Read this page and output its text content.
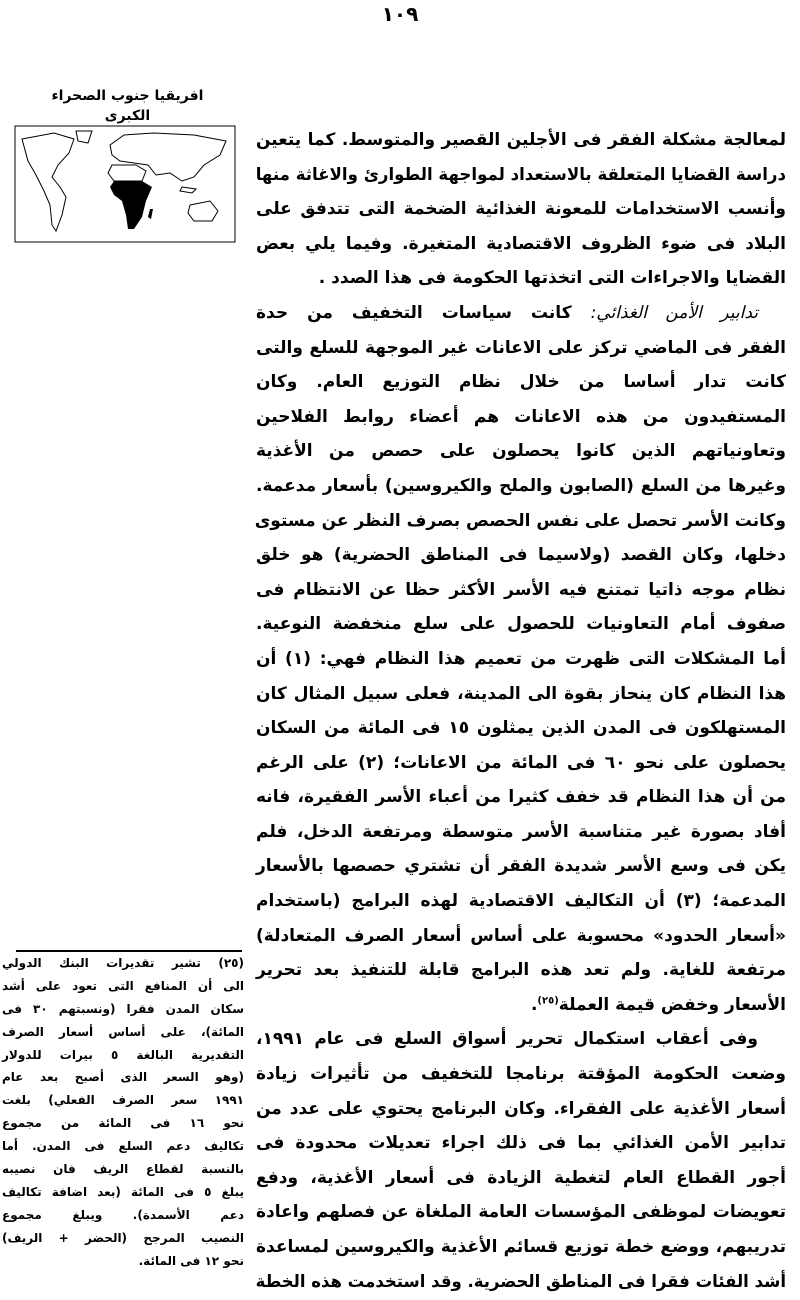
١٠٩
افريقيا جنوب الصحراء
الكبرى
لمعالجة مشكلة الفقر فى الأجلين القصير والمتوسط. كما يتعين
دراسة القضايا المتعلقة بالاستعداد لمواجهة الطوارئ والاغاثة منها
وأنسب الاستخدامات للمعونة الغذائية الضخمة التى تتدفق على
البلاد فى ضوء الظروف الاقتصادية المتغيرة. وفيما يلي بعض
القضايا والاجراءات التى اتخذتها الحكومة فى هذا الصدد .
تدابير الأمن الغذائي: كانت سياسات التخفيف من حدة
الفقر فى الماضي تركز على الاعانات غير الموجهة للسلع والتى
كانت تدار أساسا من خلال نظام التوزيع العام. وكان
المستفيدون من هذه الاعانات هم أعضاء روابط الفلاحين
وتعاونياتهم الذين كانوا يحصلون على حصص من الأغذية
وغيرها من السلع (الصابون والملح والكيروسين) بأسعار مدعمة.
وكانت الأسر تحصل على نفس الحصص بصرف النظر عن مستوى
دخلها، وكان القصد (ولاسيما فى المناطق الحضرية) هو خلق
نظام موجه ذاتيا تمتنع فيه الأسر الأكثر حظا عن الانتظام فى
صفوف أمام التعاونيات للحصول على سلع منخفضة النوعية.
أما المشكلات التى ظهرت من تعميم هذا النظام فهي: (١) أن
هذا النظام كان ينحاز بقوة الى المدينة، فعلى سبيل المثال كان
المستهلكون فى المدن الذين يمثلون ١٥ فى المائة من السكان
يحصلون على نحو ٦٠ فى المائة من الاعانات؛ (٢) على الرغم
من أن هذا النظام قد خفف كثيرا من أعباء الأسر الفقيرة، فانه
أفاد بصورة غير متناسبة الأسر متوسطة ومرتفعة الدخل، فلم
يكن فى وسع الأسر شديدة الفقر أن تشتري حصصها بالأسعار
المدعمة؛ (٣) أن التكاليف الاقتصادية لهذه البرامج (باستخدام
«أسعار الحدود» محسوبة على أساس أسعار الصرف المتعادلة)
مرتفعة للغاية. ولم تعد هذه البرامج قابلة للتنفيذ بعد تحرير
الأسعار وخفض قيمة العملة$^{(٢٥)}$.
وفى أعقاب استكمال تحرير أسواق السلع فى عام ١٩٩١،
وضعت الحكومة المؤقتة برنامجا للتخفيف من تأثيرات زيادة
أسعار الأغذية على الفقراء. وكان البرنامج يحتوي على عدد من
تدابير الأمن الغذائي بما فى ذلك اجراء تعديلات محدودة فى
أجور القطاع العام لتغطية الزيادة فى أسعار الأغذية، ودفع
تعويضات لموظفى المؤسسات العامة الملغاة عن فصلهم واعادة
تدريبهم، ووضع خطة توزيع قسائم الأغذية والكيروسين لمساعدة
أشد الفئات فقرا فى المناطق الحضرية. وقد استخدمت هذه الخطة
(٢٥) تشير تقديرات البنك الدولي
الى أن المنافع التى تعود على أشد
سكان المدن فقرا (ونسبتهم ٣٠ فى
المائة)، على أساس أسعار الصرف
التقديرية البالغة ٥ بيرات للدولار
(وهو السعر الذى أصبح بعد عام
١٩٩١ سعر الصرف الفعلي) بلغت
نحو ١٦ فى المائة من مجموع
تكاليف دعم السلع فى المدن. أما
بالنسبة لقطاع الريف فان نصيبه
يبلغ ٥ فى المائة (بعد اضافة تكاليف
دعم الأسمدة). ويبلغ مجموع
النصيب المرجح (الحضر + الريف)
نحو ١٢ فى المائة.
